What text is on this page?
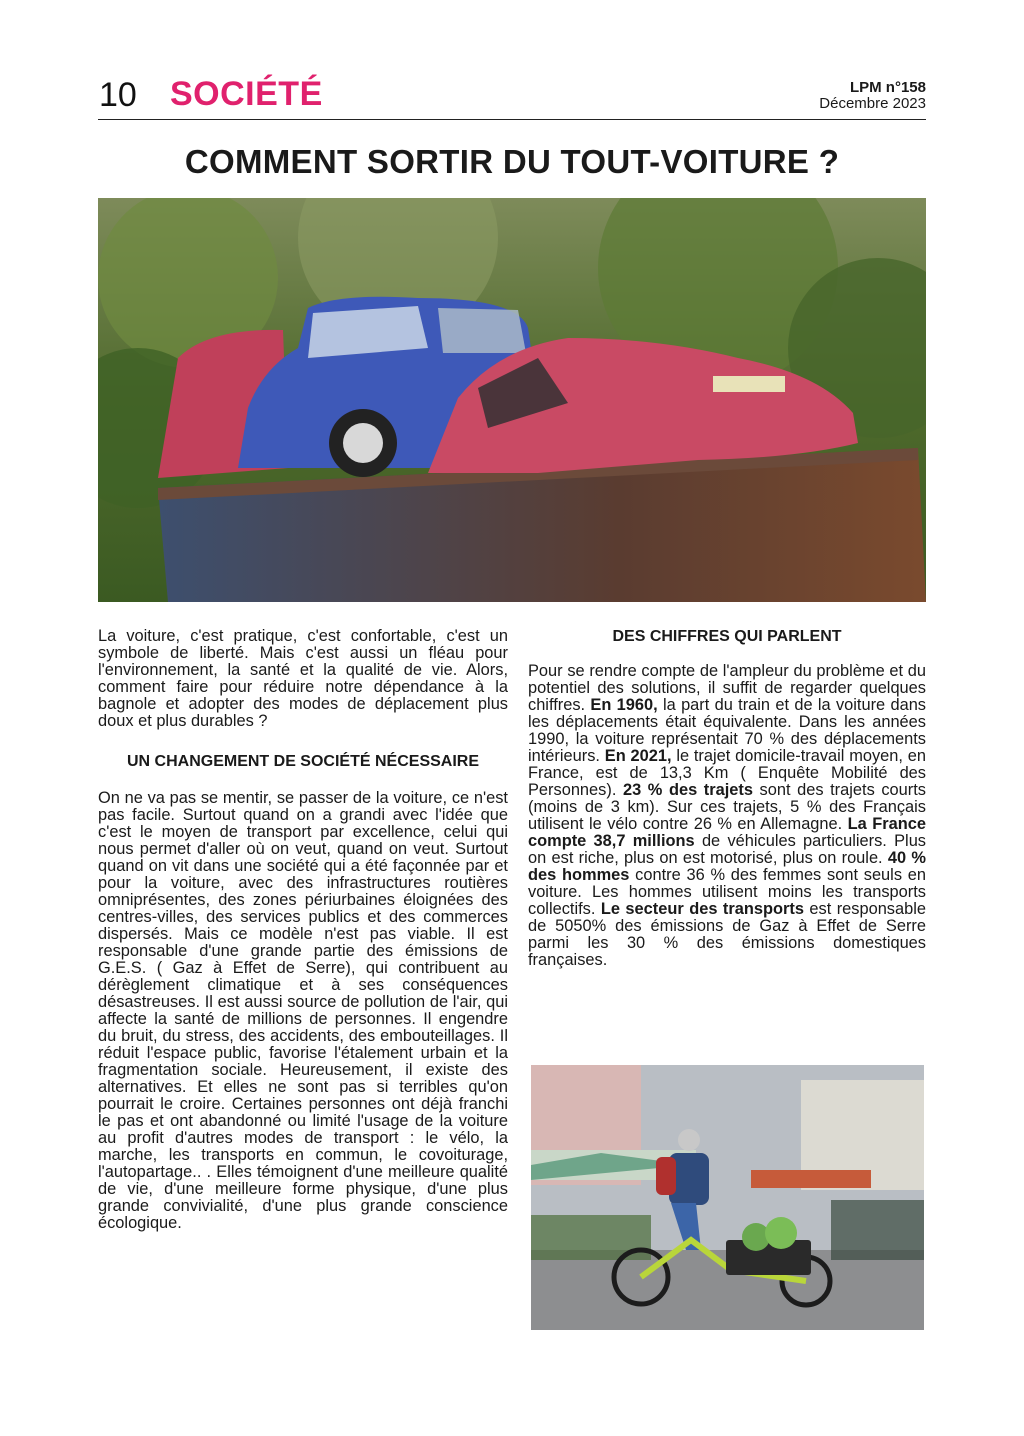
10 SOCIÉTÉ	LPM n°158
Décembre 2023
COMMENT SORTIR DU TOUT-VOITURE ?

La voiture, c'est pratique, c'est confortable, c'est un symbole de liberté. Mais c'est aussi un fléau pour l'environnement, la santé et la qualité de vie. Alors, comment faire pour réduire notre dépendance à la bagnole et adopter des modes de déplacement plus doux et plus durables ?

UN CHANGEMENT DE SOCIÉTÉ NÉCESSAIRE

On ne va pas se mentir, se passer de la voiture, ce n'est pas facile. Surtout quand on a grandi avec l'idée que c'est le moyen de transport par excellence, celui qui nous permet d'aller où on veut, quand on veut. Surtout quand on vit dans une société qui a été façonnée par et pour la voiture, avec des infrastructures routières omniprésentes, des zones périurbaines éloignées des centres-villes, des services publics et des commerces dispersés. Mais ce modèle n'est pas viable. Il est responsable d'une grande partie des émissions de G.E.S. ( Gaz à Effet de Serre), qui contribuent au dérèglement climatique et à ses conséquences désastreuses. Il est aussi source de pollution de l'air, qui affecte la santé de millions de personnes. Il engendre du bruit, du stress, des accidents, des embouteillages. Il réduit l'espace public, favorise l'étalement urbain et la fragmentation sociale. Heureusement, il existe des alternatives. Et elles ne sont pas si terribles qu'on pourrait le croire. Certaines personnes ont déjà franchi le pas et ont abandonné ou limité l'usage de la voiture au profit d'autres modes de transport : le vélo, la marche, les transports en commun, le covoiturage, l'autopartage.. . Elles témoignent d'une meilleure qualité de vie, d'une meilleure forme physique, d'une plus grande convivialité, d'une plus grande conscience écologique.

DES CHIFFRES QUI PARLENT

Pour se rendre compte de l'ampleur du problème et du potentiel des solutions, il suffit de regarder quelques chiffres. En 1960, la part du train et de la voiture dans les déplacements était équivalente. Dans les années 1990, la voiture représentait 70 % des déplacements intérieurs. En 2021, le trajet domicile-travail moyen, en France, est de 13,3 Km ( Enquête Mobilité des Personnes). 23 % des trajets sont des trajets courts (moins de 3 km). Sur ces trajets, 5 % des Français utilisent le vélo contre 26 % en Allemagne. La France compte 38,7 millions de véhicules particuliers. Plus on est riche, plus on est motorisé, plus on roule. 40 % des hommes contre 36 % des femmes sont seuls en voiture. Les hommes utilisent moins les transports collectifs. Le secteur des transports est responsable de 5050% des émissions de Gaz à Effet de Serre parmi les 30 % des émissions domestiques françaises.
